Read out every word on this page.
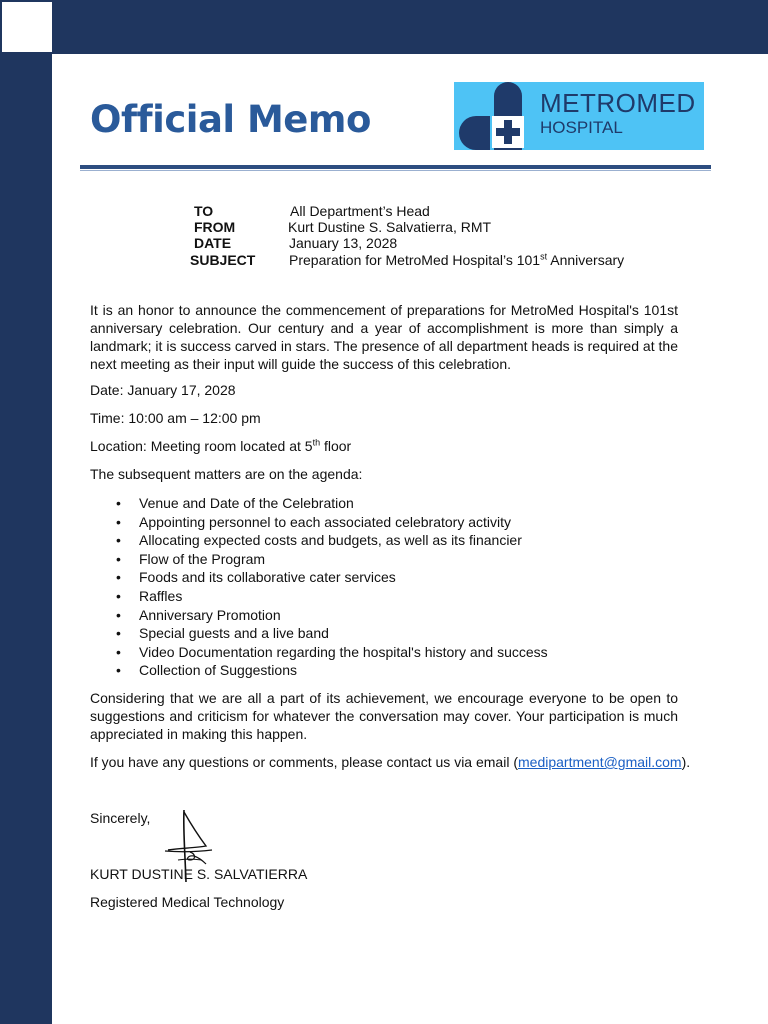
Official Memo	METROMED
HOSPITAL
TO	All Department’s Head
FROM	Kurt Dustine S. Salvatierra, RMT
DATE	January 13, 2028
SUBJECT Preparation for MetroMed Hospital’s 101st Anniversary

It is an honor to announce the commencement of preparations for MetroMed Hospital's 101st anniversary celebration. Our century and a year of accomplishment is more than simply a landmark; it is success carved in stars. The presence of all department heads is required at the next meeting as their input will guide the success of this celebration.

Date: January 17, 2028

Time: 10:00 am – 12:00 pm

Location: Meeting room located at 5th floor

The subsequent matters are on the agenda:

• Venue and Date of the Celebration
• Appointing personnel to each associated celebratory activity
• Allocating expected costs and budgets, as well as its financier
• Flow of the Program
• Foods and its collaborative cater services
• Raffles
• Anniversary Promotion
• Special guests and a live band
• Video Documentation regarding the hospital's history and success
• Collection of Suggestions

Considering that we are all a part of its achievement, we encourage everyone to be open to suggestions and criticism for whatever the conversation may cover. Your participation is much appreciated in making this happen.

If you have any questions or comments, please contact us via email (medipartment@gmail.com).

Sincerely,

KURT DUSTINE S. SALVATIERRA

Registered Medical Technology
